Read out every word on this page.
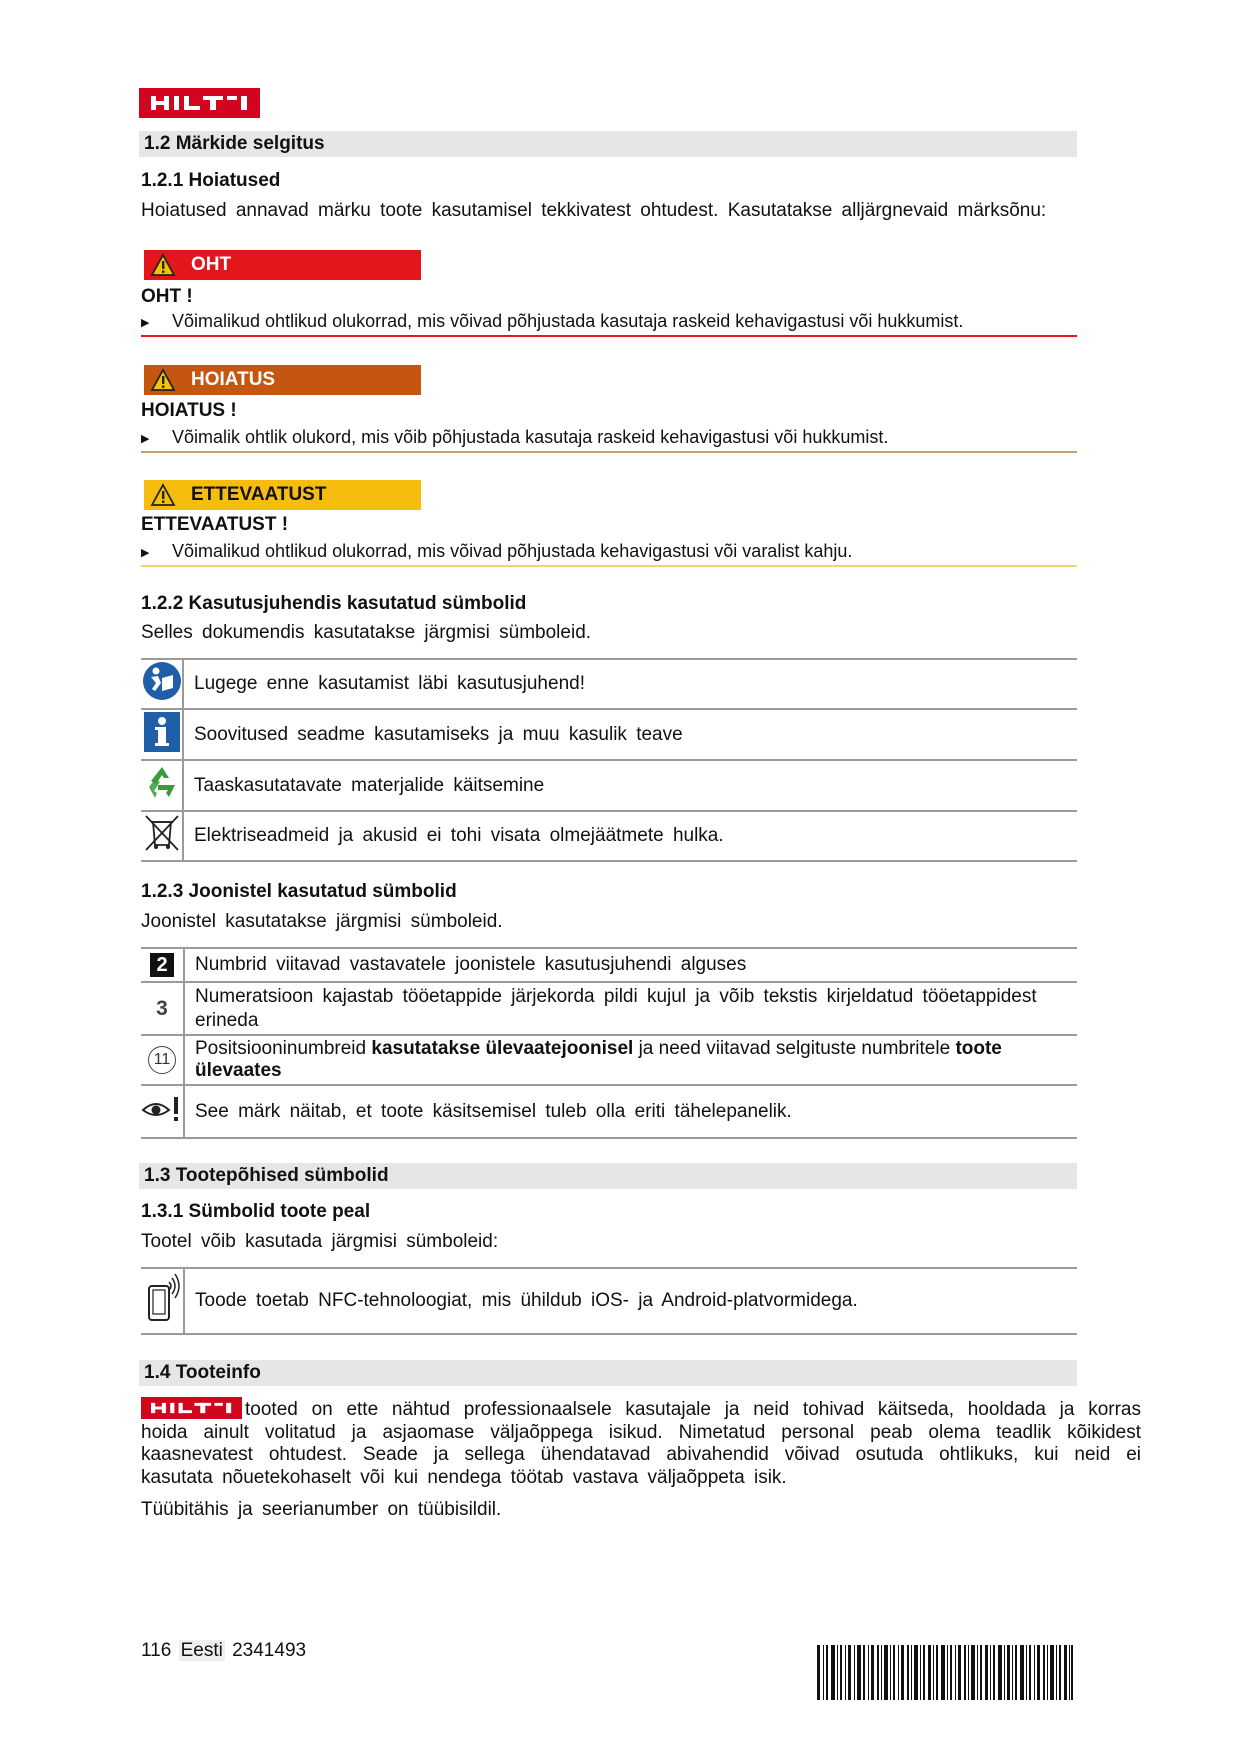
1.2 Märkide selgitus
1.2.1 Hoiatused
Hoiatused annavad märku toote kasutamisel tekkivatest ohtudest. Kasutatakse alljärgnevaid märksõnu:
OHT
OHT !
▶ Võimalikud ohtlikud olukorrad, mis võivad põhjustada kasutaja raskeid kehavigastusi või hukkumist.
HOIATUS
HOIATUS !
▶ Võimalik ohtlik olukord, mis võib põhjustada kasutaja raskeid kehavigastusi või hukkumist.
ETTEVAATUST
ETTEVAATUST !
▶ Võimalikud ohtlikud olukorrad, mis võivad põhjustada kehavigastusi või varalist kahju.
1.2.2 Kasutusjuhendis kasutatud sümbolid
Selles dokumendis kasutatakse järgmisi sümboleid.
	Lugege enne kasutamist läbi kasutusjuhend!
	Soovitused seadme kasutamiseks ja muu kasulik teave
	Taaskasutatavate materjalide käitsemine
	Elektriseadmeid ja akusid ei tohi visata olmejäätmete hulka.
1.2.3 Joonistel kasutatud sümbolid
Joonistel kasutatakse järgmisi sümboleid.
2	Numbrid viitavad vastavatele joonistele kasutusjuhendi alguses
3	Numeratsioon kajastab tööetappide järjekorda pildi kujul ja võib tekstis kirjeldatud tööetappidest erineda
11	Positsiooninumbreid kasutatakse ülevaatejoonisel ja need viitavad selgituste numbritele toote ülevaates
	See märk näitab, et toote käsitsemisel tuleb olla eriti tähelepanelik.
1.3 Tootepõhised sümbolid
1.3.1 Sümbolid toote peal
Tootel võib kasutada järgmisi sümboleid:
	Toode toetab NFC-tehnoloogiat, mis ühildub iOS- ja Android-platvormidega.
1.4 Tooteinfo
tooted on ette nähtud professionaalsele kasutajale ja neid tohivad käitseda, hooldada ja korras hoida ainult volitatud ja asjaomase väljaõppega isikud. Nimetatud personal peab olema teadlik kõikidest kaasnevatest ohtudest. Seade ja sellega ühendatavad abivahendid võivad osutuda ohtlikuks, kui neid ei kasutata nõuetekohaselt või kui nendega töötab vastava väljaõppeta isik.
Tüübitähis ja seerianumber on tüübisildil.
116 Eesti 2341493
